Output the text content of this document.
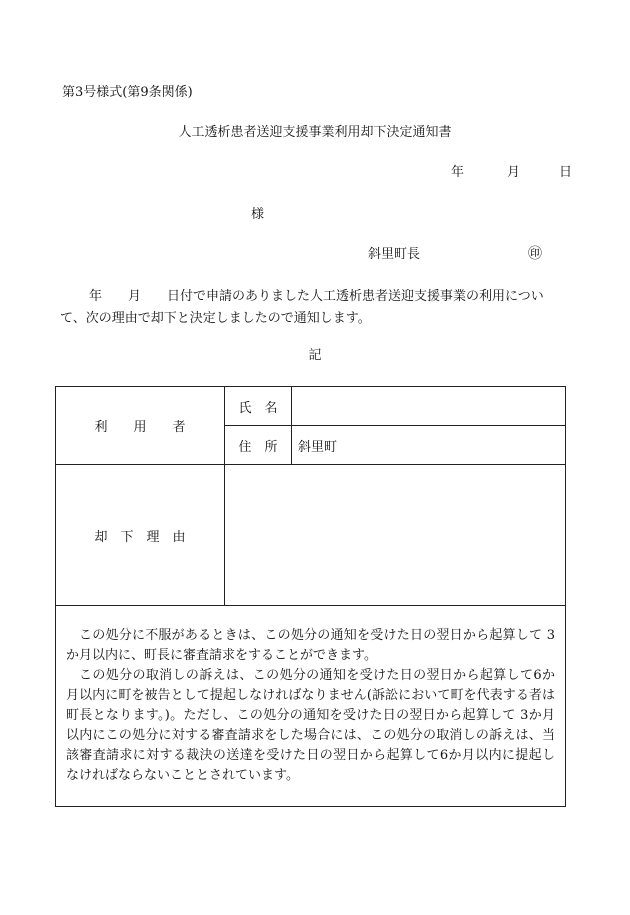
第3号様式(第9条関係)
人工透析患者送迎支援事業利用却下決定通知書
年	月	日
様
斜里町長	㊞
年　　月　　日付で申請のありました人工透析患者送迎支援事業の利用につい
て、次の理由で却下と決定しましたので通知します。
記
利　　用　　者	氏　名	
	住　所	斜里町
却　下　理　由		

この処分に不服があるときは、この処分の通知を受けた日の翌日から起算して 3か月以内に、町長に審査請求をすることができます。

この処分の取消しの訴えは、この処分の通知を受けた日の翌日から起算して6か月以内に町を被告として提起しなければなりません(訴訟において町を代表する者は町長となります。)。ただし、この処分の通知を受けた日の翌日から起算して 3か月以内にこの処分に対する審査請求をした場合には、この処分の取消しの訴えは、当該審査請求に対する裁決の送達を受けた日の翌日から起算して6か月以内に提起しなければならないこととされています。		
